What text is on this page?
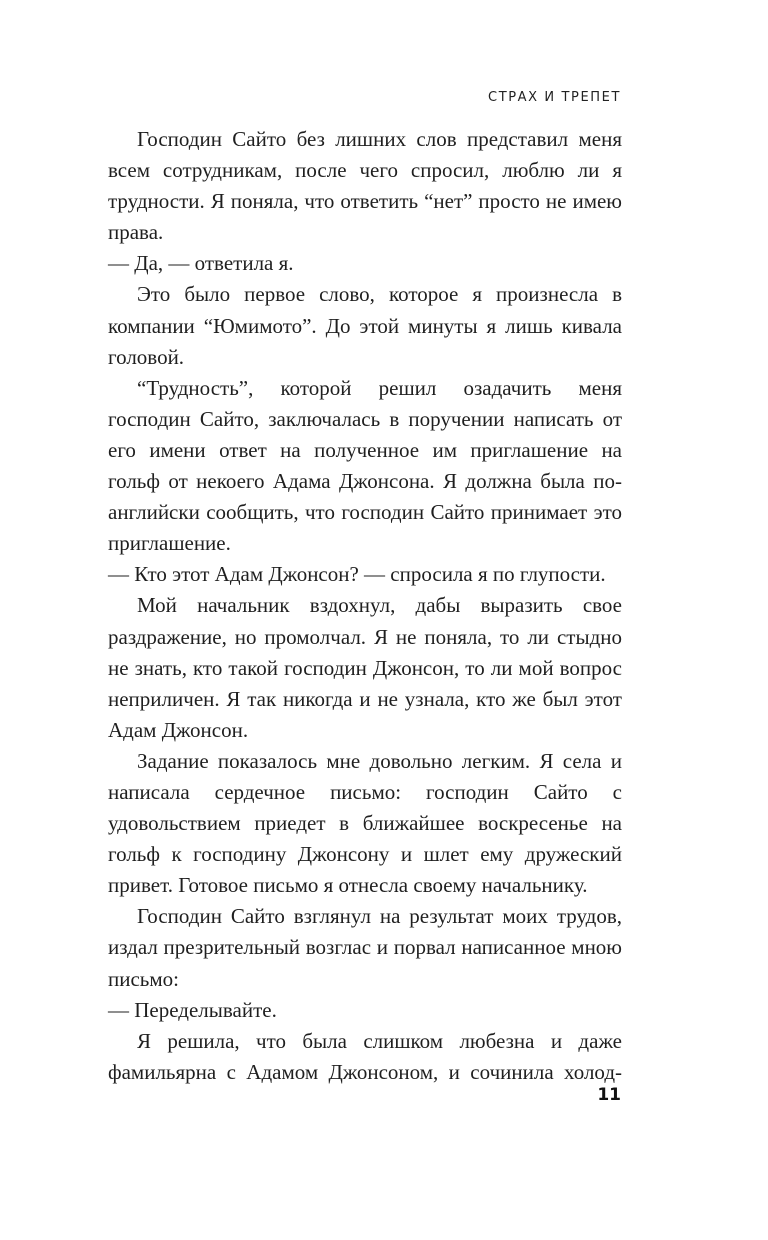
СТРАХ И ТРЕПЕТ

Господин Сайто без лишних слов представил меня всем сотрудникам, после чего спросил, люблю ли я трудности. Я поняла, что ответить “нет” просто не имею права.

— Да, — ответила я.

Это было первое слово, которое я произнесла в компании “Юмимото”. До этой минуты я лишь кивала головой.

“Трудность”, которой решил озадачить меня господин Сайто, заключалась в поручении написать от его имени ответ на полученное им приглашение на гольф от некоего Адама Джонсона. Я должна была по-английски сообщить, что господин Сайто принимает это приглашение.

— Кто этот Адам Джонсон? — спросила я по глупости.

Мой начальник вздохнул, дабы выразить свое раздражение, но промолчал. Я не поняла, то ли стыдно не знать, кто такой господин Джонсон, то ли мой вопрос неприличен. Я так никогда и не узнала, кто же был этот Адам Джонсон.

Задание показалось мне довольно легким. Я села и написала сердечное письмо: господин Сайто с удовольствием приедет в ближайшее воскресенье на гольф к господину Джонсону и шлет ему дружеский привет. Готовое письмо я отнесла своему начальнику.

Господин Сайто взглянул на результат моих трудов, издал презрительный возглас и порвал написанное мною письмо:

— Переделывайте.

Я решила, что была слишком любезна и даже фамильярна с Адамом Джонсоном, и сочинила холод-

11
